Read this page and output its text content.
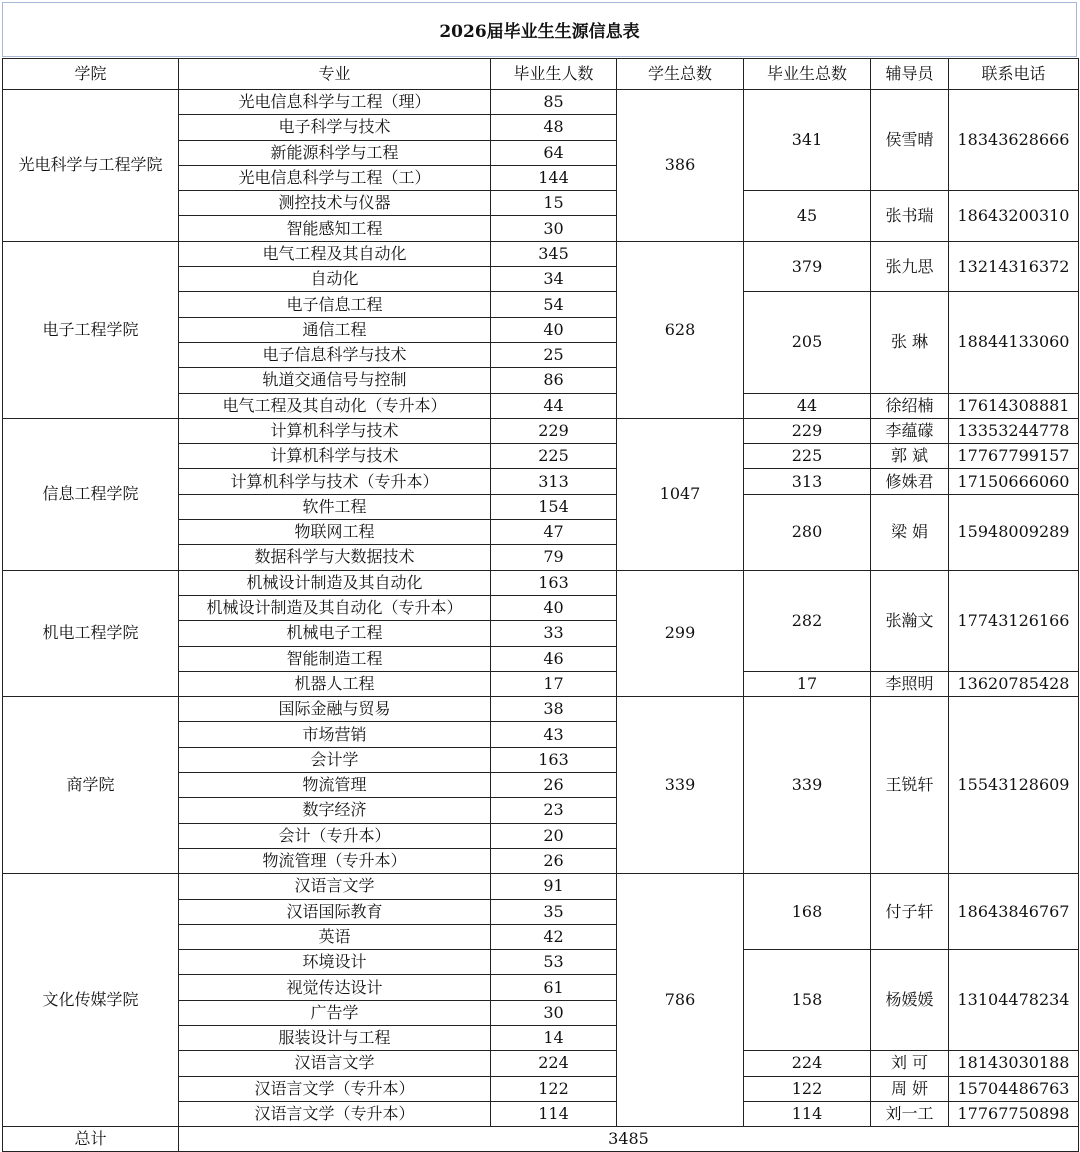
2026届毕业生生源信息表
学院	专业	毕业生人数	学生总数	毕业生总数	辅导员	联系电话
光电科学与工程学院	光电信息科学与工程（理）	85	386	341	侯雪晴	18343628666
	电子科学与技术	48				
	新能源科学与工程	64				
	光电信息科学与工程（工）	144				
	测控技术与仪器	15		45	张书瑞	18643200310
	智能感知工程	30				
电子工程学院	电气工程及其自动化	345	628	379	张九思	13214316372
	自动化	34				
	电子信息工程	54		205	张 琳	18844133060
	通信工程	40				
	电子信息科学与技术	25				
	轨道交通信号与控制	86				
	电气工程及其自动化（专升本）	44		44	徐绍楠	17614308881
信息工程学院	计算机科学与技术	229	1047	229	李蕴礞	13353244778
	计算机科学与技术	225		225	郭 斌	17767799157
	计算机科学与技术（专升本）	313		313	修姝君	17150666060
	软件工程	154		280	梁 娟	15948009289
	物联网工程	47				
	数据科学与大数据技术	79				
机电工程学院	机械设计制造及其自动化	163	299	282	张瀚文	17743126166
	机械设计制造及其自动化（专升本）	40				
	机械电子工程	33				
	智能制造工程	46				
	机器人工程	17		17	李照明	13620785428
商学院	国际金融与贸易	38	339	339	王锐轩	15543128609
	市场营销	43				
	会计学	163				
	物流管理	26				
	数字经济	23				
	会计（专升本）	20				
	物流管理（专升本）	26				
文化传媒学院	汉语言文学	91	786	168	付子轩	18643846767
	汉语国际教育	35				
	英语	42				
	环境设计	53		158	杨媛媛	13104478234
	视觉传达设计	61				
	广告学	30				
	服装设计与工程	14				
	汉语言文学	224		224	刘 可	18143030188
	汉语言文学（专升本）	122		122	周 妍	15704486763
	汉语言文学（专升本）	114		114	刘一工	17767750898
总计	3485					
